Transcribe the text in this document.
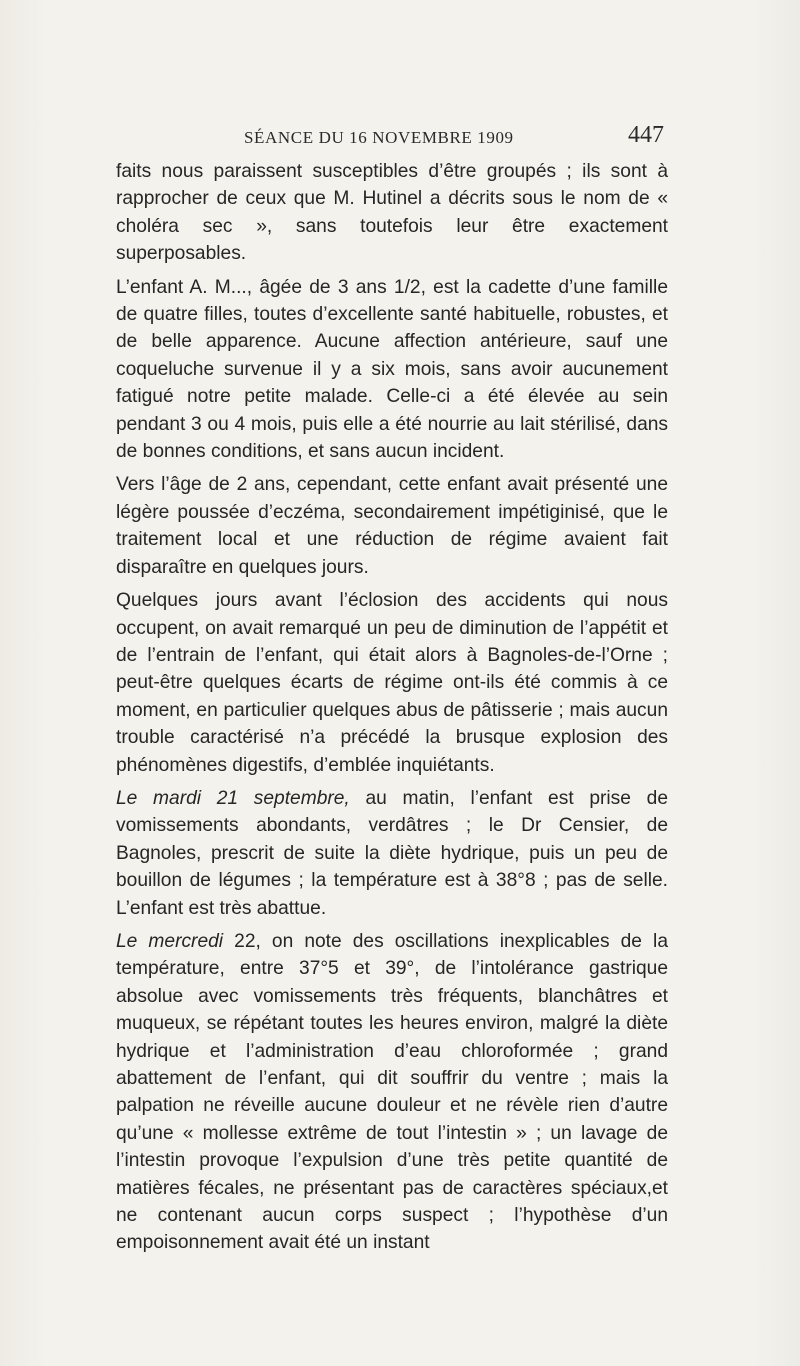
SÉANCE DU 16 NOVEMBRE 1909	447

faits nous paraissent susceptibles d’être groupés ; ils sont à rapprocher de ceux que M. Hutinel a décrits sous le nom de « choléra sec », sans toutefois leur être exactement superposables.

L’enfant A. M..., âgée de 3 ans 1/2, est la cadette d’une famille de quatre filles, toutes d’excellente santé habituelle, robustes, et de belle apparence. Aucune affection antérieure, sauf une coqueluche survenue il y a six mois, sans avoir aucunement fatigué notre petite malade. Celle-ci a été élevée au sein pendant 3 ou 4 mois, puis elle a été nourrie au lait stérilisé, dans de bonnes conditions, et sans aucun incident.

Vers l’âge de 2 ans, cependant, cette enfant avait présenté une légère poussée d’eczéma, secondairement impétiginisé, que le traitement local et une réduction de régime avaient fait disparaître en quelques jours.

Quelques jours avant l’éclosion des accidents qui nous occupent, on avait remarqué un peu de diminution de l’appétit et de l’entrain de l’enfant, qui était alors à Bagnoles-de-l’Orne ; peut-être quelques écarts de régime ont-ils été commis à ce moment, en particulier quelques abus de pâtisserie ; mais aucun trouble caractérisé n’a précédé la brusque explosion des phénomènes digestifs, d’emblée inquiétants.

Le mardi 21 septembre, au matin, l’enfant est prise de vomissements abondants, verdâtres ; le Dr Censier, de Bagnoles, prescrit de suite la diète hydrique, puis un peu de bouillon de légumes ; la température est à 38°8 ; pas de selle. L’enfant est très abattue.

Le mercredi 22, on note des oscillations inexplicables de la température, entre 37°5 et 39°, de l’intolérance gastrique absolue avec vomissements très fréquents, blanchâtres et muqueux, se répétant toutes les heures environ, malgré la diète hydrique et l’administration d’eau chloroformée ; grand abattement de l’enfant, qui dit souffrir du ventre ; mais la palpation ne réveille aucune douleur et ne révèle rien d’autre qu’une « mollesse extrême de tout l’intestin » ; un lavage de l’intestin provoque l’expulsion d’une très petite quantité de matières fécales, ne présentant pas de caractères spéciaux,et ne contenant aucun corps suspect ; l’hypothèse d’un empoisonnement avait été un instant
